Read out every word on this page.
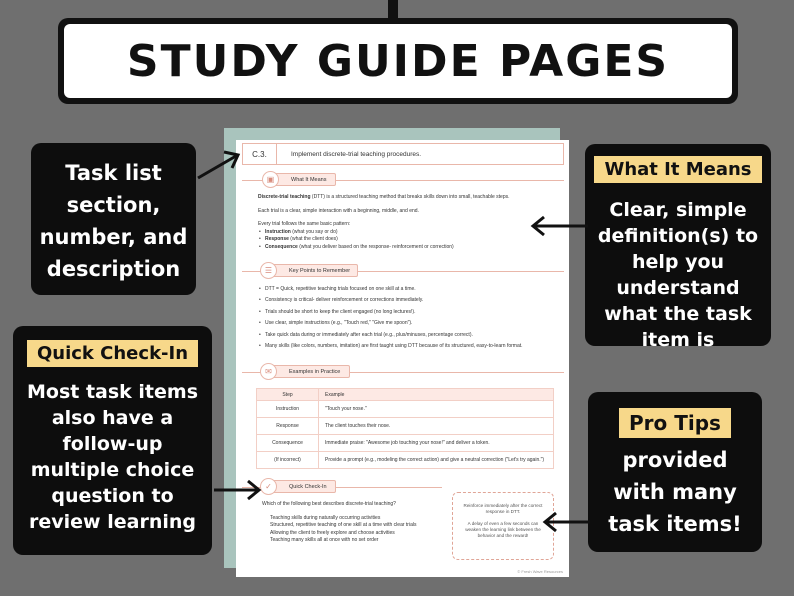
STUDY GUIDE PAGES
C.3.	Implement discrete-trial teaching procedures.
What It Means
▣
Discrete-trial teaching (DTT) is a structured teaching method that breaks skills down into small, teachable steps.
Each trial is a clear, simple interaction with a beginning, middle, and end.
Every trial follows the same basic pattern:
• Instruction (what you say or do)
• Response (what the client does)
• Consequence (what you deliver based on the response- reinforcement or correction)
Key Points to Remember
☰
• DTT = Quick, repetitive teaching trials focused on one skill at a time.
• Consistency is critical- deliver reinforcement or corrections immediately.
• Trials should be short to keep the client engaged (no long lectures!).
• Use clear, simple instructions (e.g., "Touch red," "Give me spoon").
• Take quick data during or immediately after each trial (e.g., plus/minuses, percentage correct).
• Many skills (like colors, numbers, imitation) are first taught using DTT because of its structured, easy-to-learn format.
Examples in Practice
✉
Step	Example
Instruction	"Touch your nose."
Response	The client touches their nose.
Consequence	Immediate praise: "Awesome job touching your nose!" and deliver a token.
(If incorrect)	Provide a prompt (e.g., modeling the correct action) and give a neutral correction ("Let's try again.")
Quick Check-In
✓
Which of the following best describes discrete-trial teaching?
Teaching skills during naturally occurring activities
Structured, repetitive teaching of one skill at a time with clear trials
Allowing the client to freely explore and choose activities
Teaching many skills all at once with no set order
Reinforce immediately after the correct response in DTT.
A delay of even a few seconds can weaken the learning link between the behavior and the reward!
© Fresh Wave Resources
Task list section, number, and description
What It Means
Clear, simple definition(s) to help you understand what the task item is
Quick Check-In
Most task items also have a follow-up multiple choice question to review learning
Pro Tips
provided with many task items!
